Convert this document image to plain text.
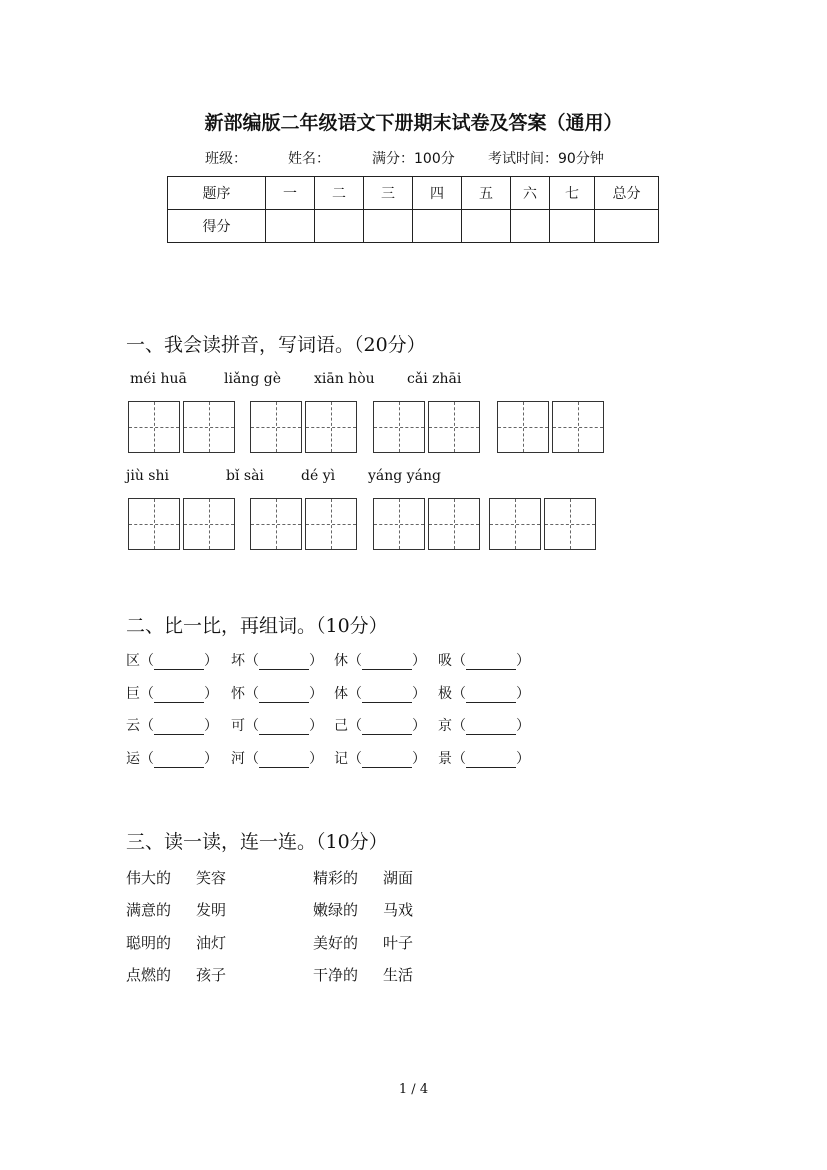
新部编版二年级语文下册期末试卷及答案（通用）
班级：	姓名：	满分：100分 考试时间：90分钟
题序	一	二	三	四	五	六	七	总分
得分								
一、我会读拼音，写词语。（20分）
méi huā	liǎng gè xiān hòu cǎi zhāi
jiù shi	bǐ sài	dé yì yáng yáng
二、比一比，再组词。（10分）
区（	） 坏（	） 休（	） 吸（	）
巨（	） 怀（	） 体（	） 极（	）
云（	） 可（	） 己（	） 京（	）
运（	） 河（	） 记（	） 景（	）
三、读一读，连一连。（10分）
伟大的 笑容	精彩的 湖面
满意的 发明	嫩绿的 马戏
聪明的 油灯	美好的 叶子
点燃的 孩子	干净的 生活
1 / 4
